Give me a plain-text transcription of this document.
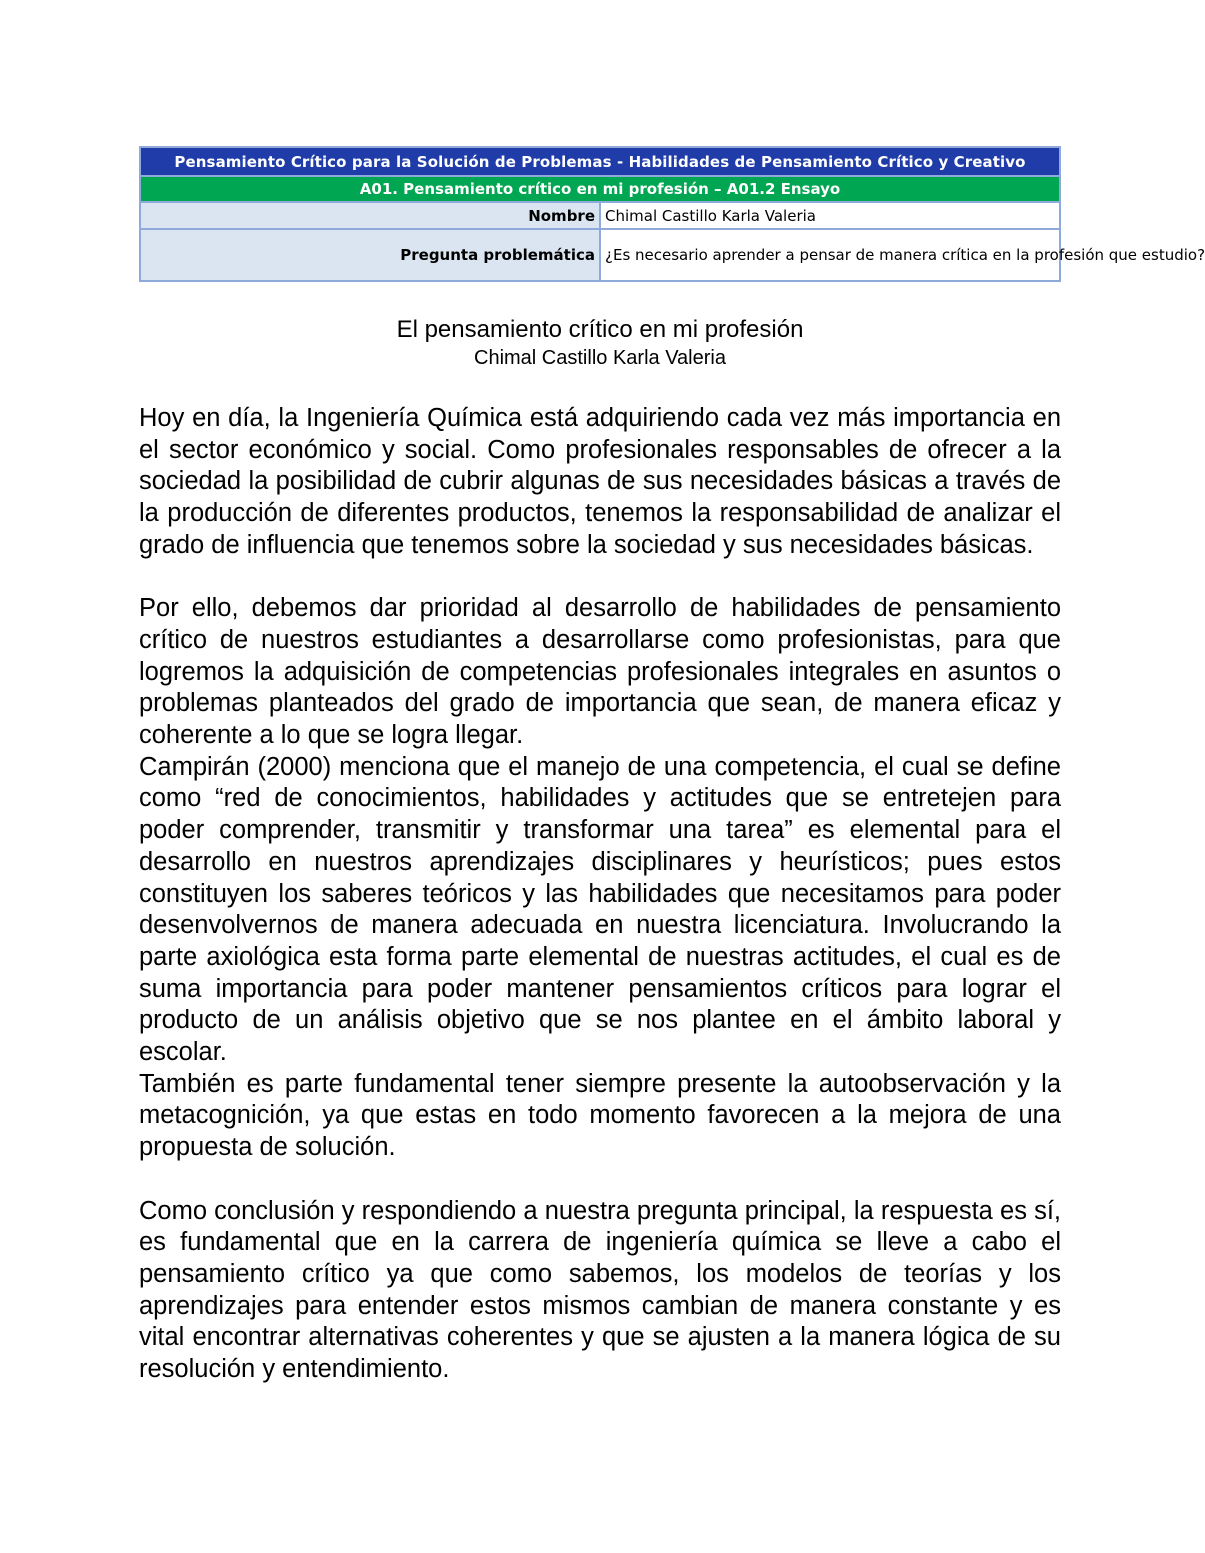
Pensamiento Crítico para la Solución de Problemas - Habilidades de Pensamiento Crítico y Creativo	
A01. Pensamiento crítico en mi profesión – A01.2 Ensayo	
Nombre	Chimal Castillo Karla Valeria
Pregunta problemática	¿Es necesario aprender a pensar de manera crítica en la profesión que estudio?
El pensamiento crítico en mi profesión
Chimal Castillo Karla Valeria

Hoy en día, la Ingeniería Química está adquiriendo cada vez más importancia en el sector económico y social. Como profesionales responsables de ofrecer a la sociedad la posibilidad de cubrir algunas de sus necesidades básicas a través de la producción de diferentes productos, tenemos la responsabilidad de analizar el grado de influencia que tenemos sobre la sociedad y sus necesidades básicas.

Por ello, debemos dar prioridad al desarrollo de habilidades de pensamiento crítico de nuestros estudiantes a desarrollarse como profesionistas, para que logremos la adquisición de competencias profesionales integrales en asuntos o problemas planteados del grado de importancia que sean, de manera eficaz y coherente a lo que se logra llegar.

Campirán (2000) menciona que el manejo de una competencia, el cual se define como “red de conocimientos, habilidades y actitudes que se entretejen para poder comprender, transmitir y transformar una tarea” es elemental para el desarrollo en nuestros aprendizajes disciplinares y heurísticos; pues estos constituyen los saberes teóricos y las habilidades que necesitamos para poder desenvolvernos de manera adecuada en nuestra licenciatura. Involucrando la parte axiológica esta forma parte elemental de nuestras actitudes, el cual es de suma importancia para poder mantener pensamientos críticos para lograr el producto de un análisis objetivo que se nos plantee en el ámbito laboral y escolar.

También es parte fundamental tener siempre presente la autoobservación y la metacognición, ya que estas en todo momento favorecen a la mejora de una propuesta de solución.

Como conclusión y respondiendo a nuestra pregunta principal, la respuesta es sí, es fundamental que en la carrera de ingeniería química se lleve a cabo el pensamiento crítico ya que como sabemos, los modelos de teorías y los aprendizajes para entender estos mismos cambian de manera constante y es vital encontrar alternativas coherentes y que se ajusten a la manera lógica de su resolución y entendimiento.
